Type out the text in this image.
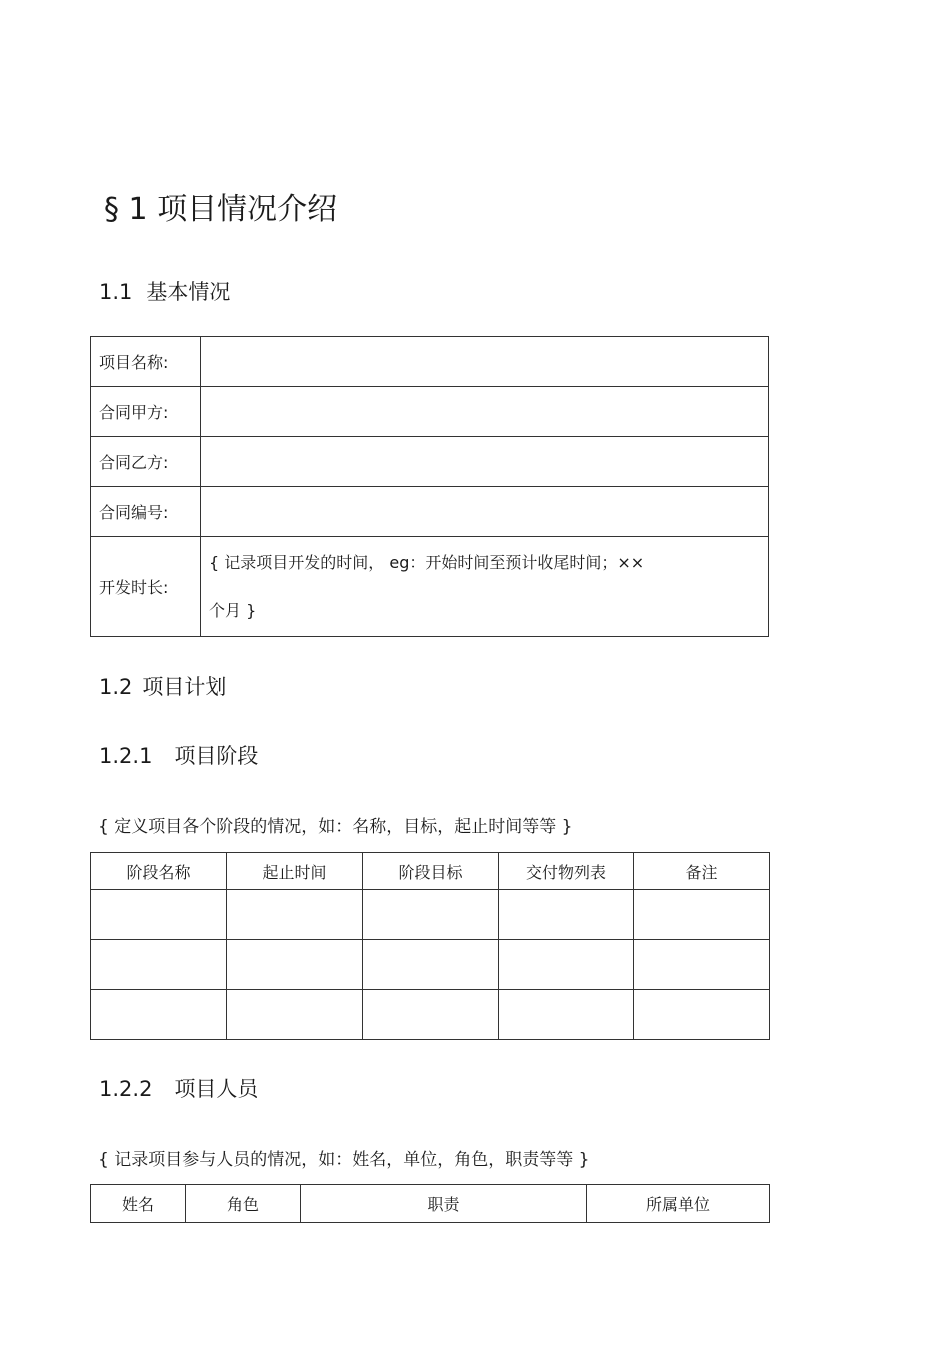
§ 1 项目情况介绍
1.1 基本情况
项目名称:	
合同甲方:	
合同乙方:	
合同编号:	
开发时长:	{ 记录项目开发的时间， eg：开始时间至预计收尾时间；××
个月 }
1.2 项目计划
1.2.1 项目阶段
{ 定义项目各个阶段的情况，如：名称，目标，起止时间等等 }
阶段名称	起止时间	阶段目标	交付物列表	备注

1.2.2 项目人员
{ 记录项目参与人员的情况，如：姓名，单位，角色，职责等等 }
姓名	角色	职责	所属单位
